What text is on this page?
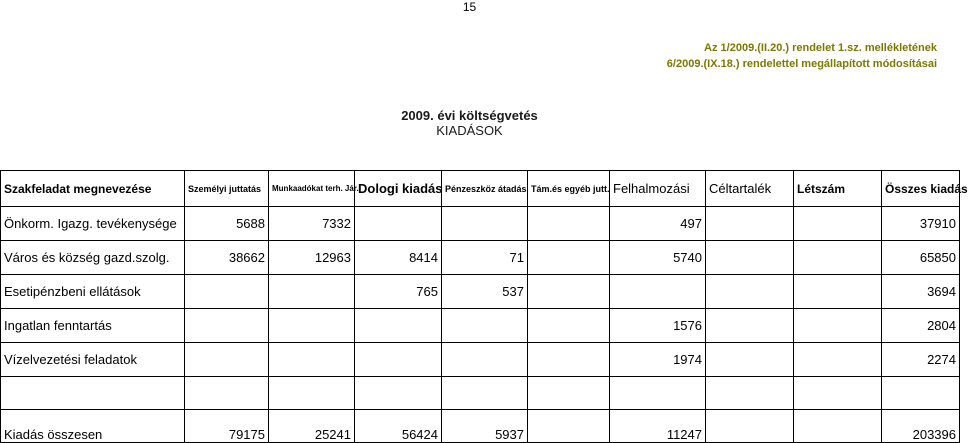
15
Az 1/2009.(II.20.) rendelet 1.sz. mellékletének
6/2009.(IX.18.) rendelettel megállapított módosításai
2009. évi költségvetés
KIADÁSOK
Szakfeladat megnevezése	Személyi juttatás	Munkaadókat terh. Jár.	Dologi kiadás	Pénzeszköz átadás	Tám.és egyéb jutt.	Felhalmozási	Céltartalék	Létszám	Összes kiadás
Önkorm. Igazg. tevékenysége	5688	7332				497			37910
Város és község gazd.szolg.	38662	12963	8414	71		5740			65850
Esetipénzbeni ellátások			765	537					3694
Ingatlan fenntartás						1576			2804
Vízelvezetési feladatok						1974			2274

Kiadás összesen	79175	25241	56424	5937		11247			203396
